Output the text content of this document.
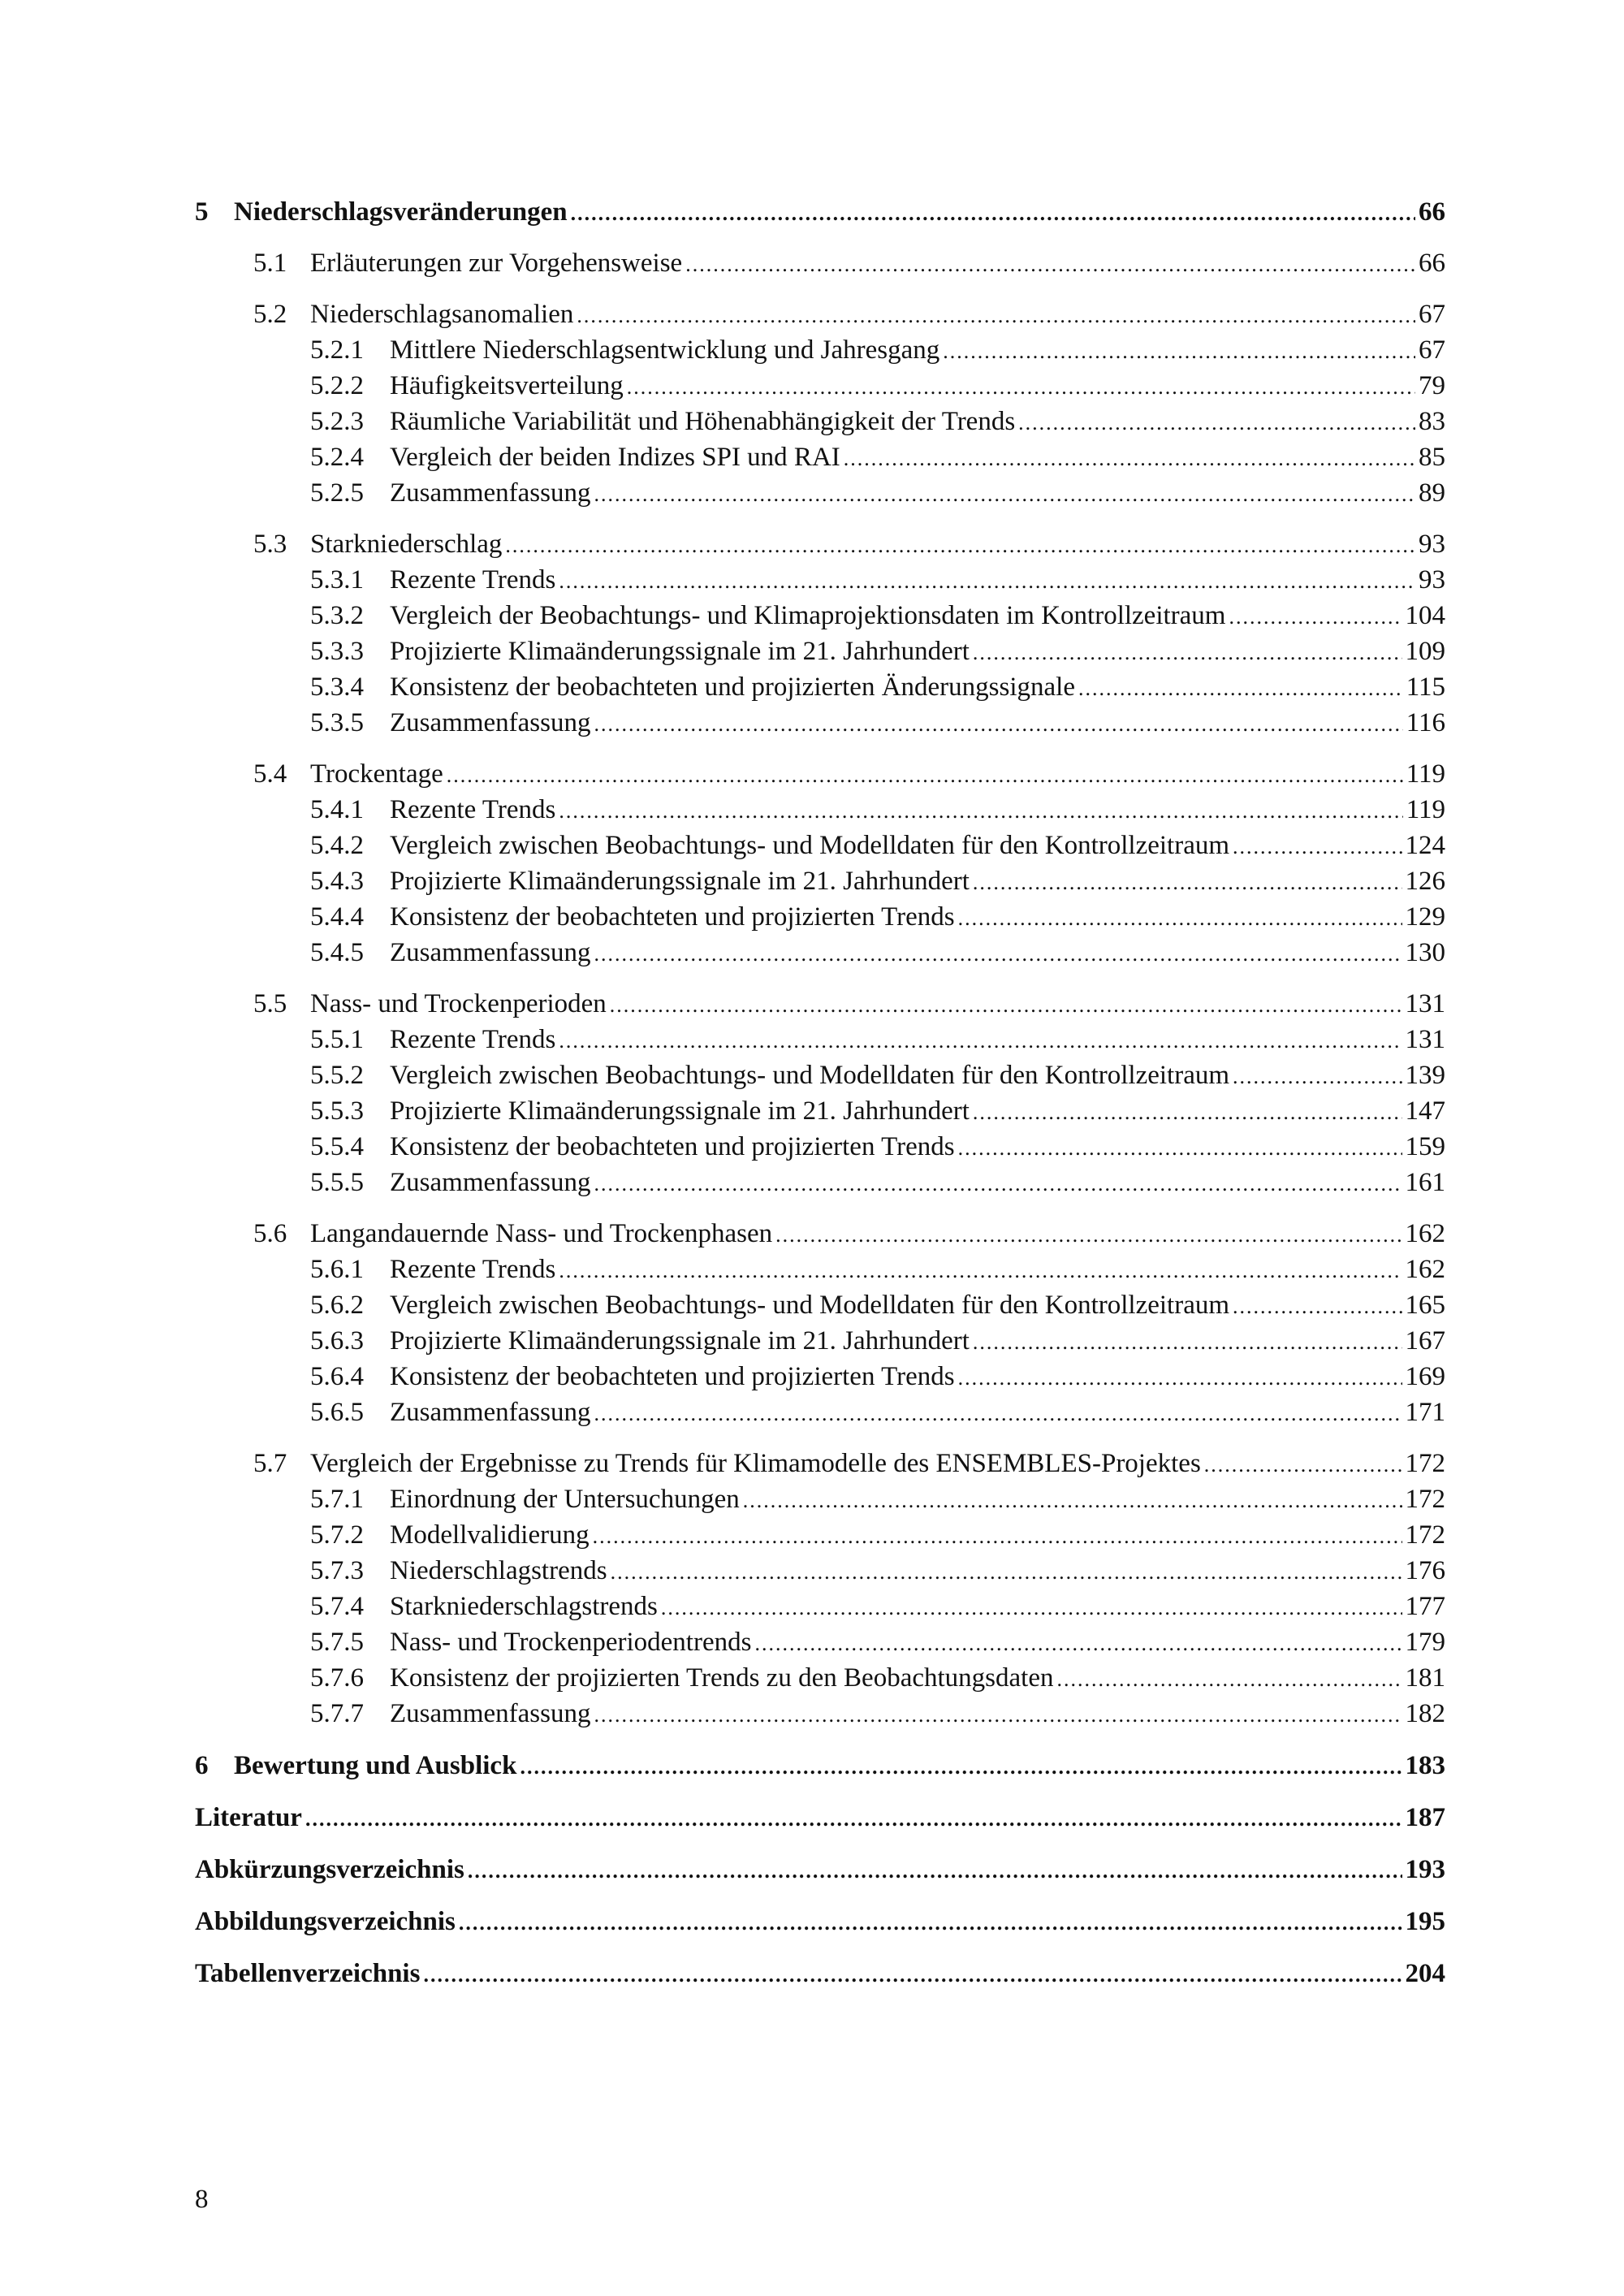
5 Niederschlagsveränderungen .....	66
5.1 Erläuterungen zur Vorgehensweise .....	66
5.2 Niederschlagsanomalien .....	67
5.2.1 Mittlere Niederschlagsentwicklung und Jahresgang .....	67
5.2.2 Häufigkeitsverteilung .....	79
5.2.3 Räumliche Variabilität und Höhenabhängigkeit der Trends .....	83
5.2.4 Vergleich der beiden Indizes SPI und RAI .....	85
5.2.5 Zusammenfassung .....	89
5.3 Starkniederschlag .....	93
5.3.1 Rezente Trends .....	93
5.3.2 Vergleich der Beobachtungs- und Klimaprojektionsdaten im Kontrollzeitraum .....	104
5.3.3 Projizierte Klimaänderungssignale im 21. Jahrhundert .....	109
5.3.4 Konsistenz der beobachteten und projizierten Änderungssignale .....	115
5.3.5 Zusammenfassung .....	116
5.4 Trockentage .....	119
5.4.1 Rezente Trends .....	119
5.4.2 Vergleich zwischen Beobachtungs- und Modelldaten für den Kontrollzeitraum .....	124
5.4.3 Projizierte Klimaänderungssignale im 21. Jahrhundert .....	126
5.4.4 Konsistenz der beobachteten und projizierten Trends .....	129
5.4.5 Zusammenfassung .....	130
5.5 Nass- und Trockenperioden .....	131
5.5.1 Rezente Trends .....	131
5.5.2 Vergleich zwischen Beobachtungs- und Modelldaten für den Kontrollzeitraum .....	139
5.5.3 Projizierte Klimaänderungssignale im 21. Jahrhundert .....	147
5.5.4 Konsistenz der beobachteten und projizierten Trends .....	159
5.5.5 Zusammenfassung .....	161
5.6 Langandauernde Nass- und Trockenphasen .....	162
5.6.1 Rezente Trends .....	162
5.6.2 Vergleich zwischen Beobachtungs- und Modelldaten für den Kontrollzeitraum .....	165
5.6.3 Projizierte Klimaänderungssignale im 21. Jahrhundert .....	167
5.6.4 Konsistenz der beobachteten und projizierten Trends .....	169
5.6.5 Zusammenfassung .....	171
5.7 Vergleich der Ergebnisse zu Trends für Klimamodelle des ENSEMBLES-Projektes .....	172
5.7.1 Einordnung der Untersuchungen .....	172
5.7.2 Modellvalidierung .....	172
5.7.3 Niederschlagstrends .....	176
5.7.4 Starkniederschlagstrends .....	177
5.7.5 Nass- und Trockenperiodentrends .....	179
5.7.6 Konsistenz der projizierten Trends zu den Beobachtungsdaten .....	181
5.7.7 Zusammenfassung .....	182
6 Bewertung und Ausblick .....	183
Literatur .....	187
Abkürzungsverzeichnis .....	193
Abbildungsverzeichnis .....	195
Tabellenverzeichnis .....	204
8
